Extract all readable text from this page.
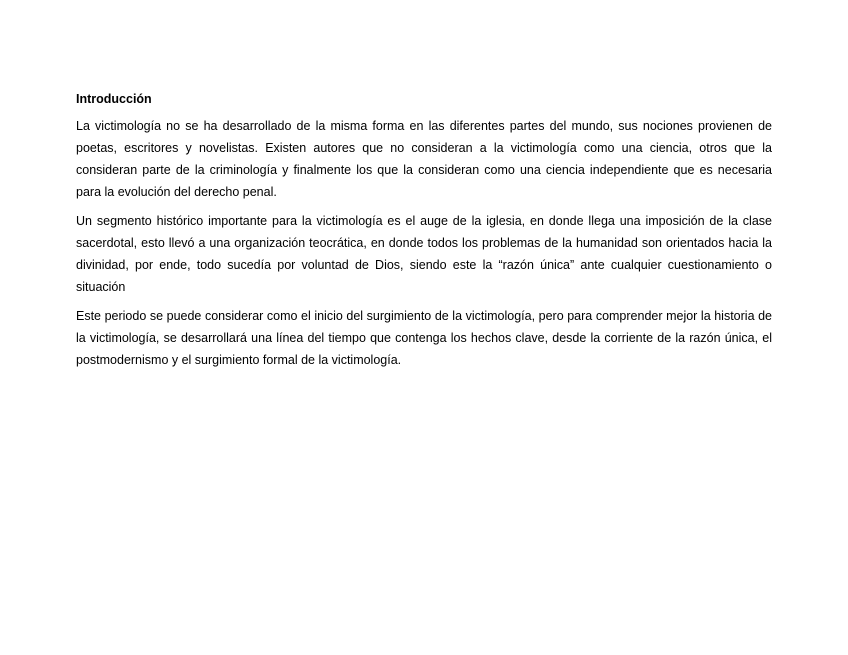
Introducción

La victimología no se ha desarrollado de la misma forma en las diferentes partes del mundo, sus nociones provienen de poetas, escritores y novelistas. Existen autores que no consideran a la victimología como una ciencia, otros que la consideran parte de la criminología y finalmente los que la consideran como una ciencia independiente que es necesaria para la evolución del derecho penal.

Un segmento histórico importante para la victimología es el auge de la iglesia, en donde llega una imposición de la clase sacerdotal, esto llevó a una organización teocrática, en donde todos los problemas de la humanidad son orientados hacia la divinidad, por ende, todo sucedía por voluntad de Dios, siendo este la “razón única” ante cualquier cuestionamiento o situación

Este periodo se puede considerar como el inicio del surgimiento de la victimología, pero para comprender mejor la historia de la victimología, se desarrollará una línea del tiempo que contenga los hechos clave, desde la corriente de la razón única, el postmodernismo y el surgimiento formal de la victimología.
